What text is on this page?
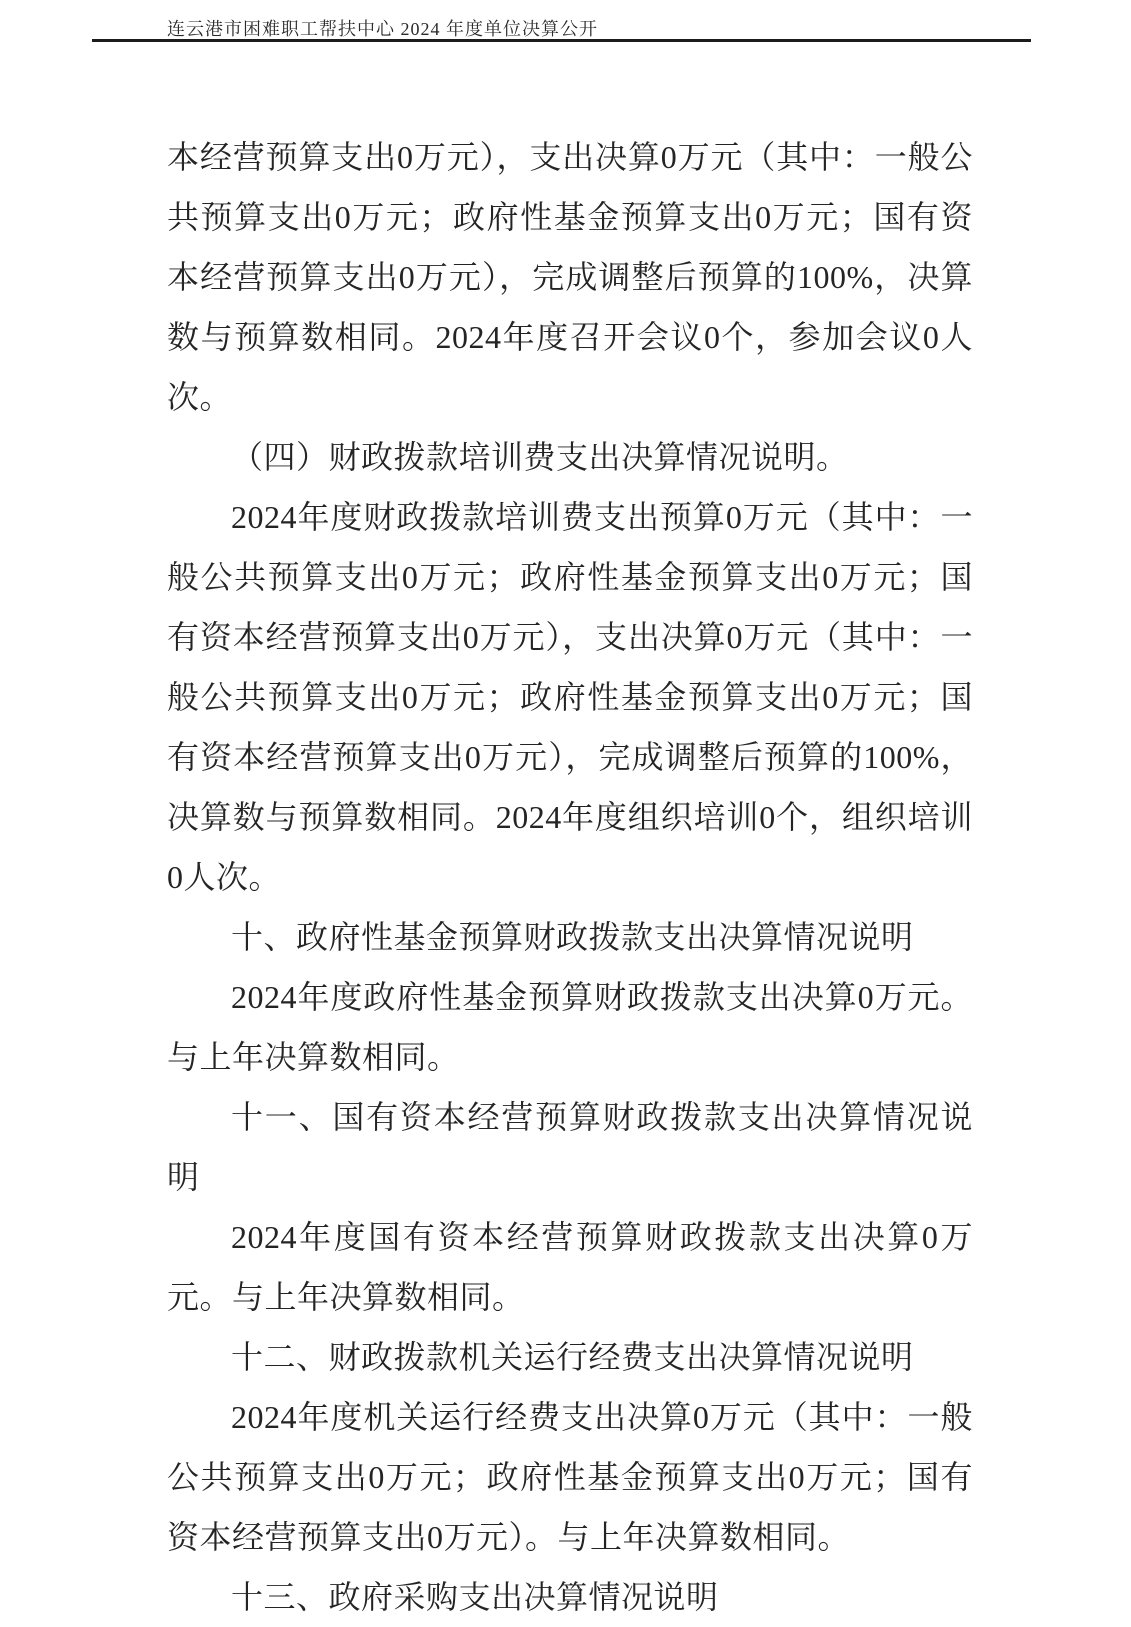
连云港市困难职工帮扶中心 2024 年度单位决算公开

本经营预算支出0万元），支出决算0万元（其中：一般公共预算支出0万元；政府性基金预算支出0万元；国有资本经营预算支出0万元），完成调整后预算的100%，决算数与预算数相同。2024年度召开会议0个，参加会议0人次。

（四）财政拨款培训费支出决算情况说明。

2024年度财政拨款培训费支出预算0万元（其中：一般公共预算支出0万元；政府性基金预算支出0万元；国有资本经营预算支出0万元），支出决算0万元（其中：一般公共预算支出0万元；政府性基金预算支出0万元；国有资本经营预算支出0万元），完成调整后预算的100%，决算数与预算数相同。2024年度组织培训0个，组织培训0人次。

十、政府性基金预算财政拨款支出决算情况说明

2024年度政府性基金预算财政拨款支出决算0万元。与上年决算数相同。

十一、国有资本经营预算财政拨款支出决算情况说明

2024年度国有资本经营预算财政拨款支出决算0万元。与上年决算数相同。

十二、财政拨款机关运行经费支出决算情况说明

2024年度机关运行经费支出决算0万元（其中：一般公共预算支出0万元；政府性基金预算支出0万元；国有资本经营预算支出0万元）。与上年决算数相同。

十三、政府采购支出决算情况说明
